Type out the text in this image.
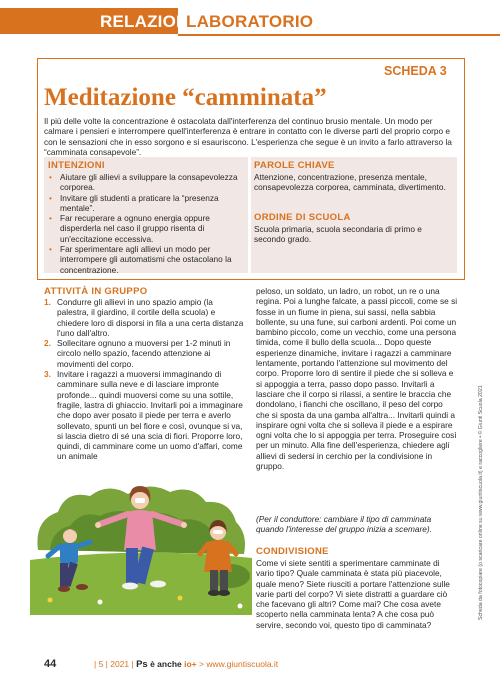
RELAZIONI
LABORATORIO
SCHEDA 3
Meditazione “camminata”

Il più delle volte la concentrazione è ostacolata dall'interferenza del continuo brusio mentale. Un modo per calmare i pensieri e interrompere quell'interferenza è entrare in contatto con le diverse parti del proprio corpo e con le sensazioni che in esso sorgono e si esauriscono. L'esperienza che segue è un invito a farlo attraverso la “camminata consapevole”.

INTENZIONI
• Aiutare gli allievi a sviluppare la consapevolezza corporea.
• Invitare gli studenti a praticare la “presenza mentale”.
• Far recuperare a ognuno energia oppure disperderla nel caso il gruppo risenta di un'eccitazione eccessiva.
• Far sperimentare agli allievi un modo per interrompere gli automatismi che ostacolano la concentrazione.
PAROLE CHIAVE

Attenzione, concentrazione, presenza mentale, consapevolezza corporea, camminata, divertimento.

ORDINE DI SCUOLA

Scuola primaria, scuola secondaria di primo e secondo grado.

ATTIVITÀ IN GRUPPO
1. Condurre gli allievi in uno spazio ampio (la palestra, il giardino, il cortile della scuola) e chiedere loro di disporsi in fila a una certa distanza l'uno dall'altro.
2. Sollecitare ognuno a muoversi per 1-2 minuti in circolo nello spazio, facendo attenzione ai movimenti del corpo.
3. Invitare i ragazzi a muoversi immaginando di camminare sulla neve e di lasciare impronte profonde... quindi muoversi come su una sottile, fragile, lastra di ghiaccio. Invitarli poi a immaginare che dopo aver posato il piede per terra e averlo sollevato, spunti un bel fiore e così, ovunque si va, si lascia dietro di sé una scia di fiori. Proporre loro, quindi, di camminare come un uomo d'affari, come un animale

peloso, un soldato, un ladro, un robot, un re o una regina. Poi a lunghe falcate, a passi piccoli, come se si fosse in un fiume in piena, sui sassi, nella sabbia bollente, su una fune, sui carboni ardenti. Poi come un bambino piccolo, come un vecchio, come una persona timida, come il bullo della scuola... Dopo queste esperienze dinamiche, invitare i ragazzi a camminare lentamente, portando l'attenzione sul movimento del corpo. Proporre loro di sentire il piede che si solleva e si appoggia a terra, passo dopo passo. Invitarli a lasciare che il corpo si rilassi, a sentire le braccia che dondolano, i fianchi che oscillano, il peso del corpo che si sposta da una gamba all'altra... Invitarli quindi a inspirare ogni volta che si solleva il piede e a espirare ogni volta che lo si appoggia per terra. Proseguire così per un minuto. Alla fine dell'esperienza, chiedere agli allievi di sedersi in cerchio per la condivisione in gruppo.

(Per il conduttore: cambiare il tipo di camminata quando l'interesse del gruppo inizia a scemare).

CONDIVISIONE

Come vi siete sentiti a sperimentare camminate di vario tipo? Quale camminata è stata più piacevole, quale meno? Siete riusciti a portare l'attenzione sulle varie parti del corpo? Vi siete distratti a guardare ciò che facevano gli altri? Come mai? Che cosa avete scoperto nella camminata lenta? A che cosa può servire, secondo voi, questo tipo di camminata?

Scheda da fotocopiare (o scaricare online su www.giuntiscuola.it) e raccogliere • © Giunti Scuola 2021
44	| 5 | 2021 | Ps è anche io+ > www.giuntiscuola.it
